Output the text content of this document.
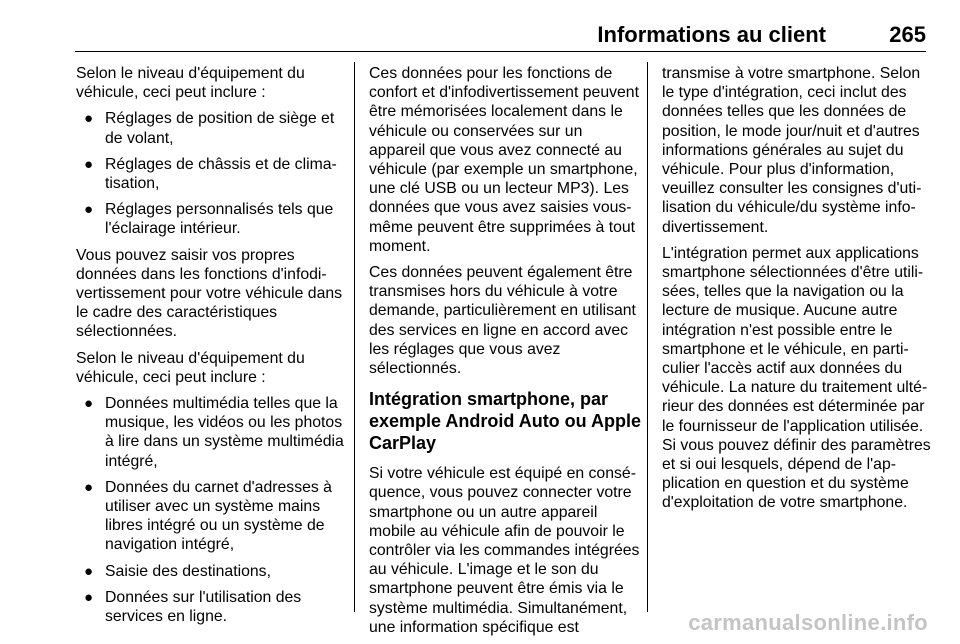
Informations au client	265

Selon le niveau d'équipement du véhicule, ceci peut inclure :

● Réglages de position de siège et de volant,
● Réglages de châssis et de climatisation,
● Réglages personnalisés tels que l'éclairage intérieur.

Vous pouvez saisir vos propres données dans les fonctions d'infodivertissement pour votre véhicule dans le cadre des caractéristiques sélectionnées.

Selon le niveau d'équipement du véhicule, ceci peut inclure :

● Données multimédia telles que la musique, les vidéos ou les photos à lire dans un système multimédia intégré,
● Données du carnet d'adresses à utiliser avec un système mains libres intégré ou un système de navigation intégré,
● Saisie des destinations,
● Données sur l'utilisation des services en ligne.

Ces données pour les fonctions de confort et d'infodivertissement peuvent être mémorisées localement dans le véhicule ou conservées sur un appareil que vous avez connecté au véhicule (par exemple un smartphone, une clé USB ou un lecteur MP3). Les données que vous avez saisies vous-même peuvent être supprimées à tout moment.

Ces données peuvent également être transmises hors du véhicule à votre demande, particulièrement en utilisant des services en ligne en accord avec les réglages que vous avez sélectionnés.

Intégration smartphone, par exemple Android Auto ou Apple CarPlay

Si votre véhicule est équipé en conséquence, vous pouvez connecter votre smartphone ou un autre appareil mobile au véhicule afin de pouvoir le contrôler via les commandes intégrées au véhicule. L'image et le son du smartphone peuvent être émis via le système multimédia. Simultanément, une information spécifique est

transmise à votre smartphone. Selon le type d'intégration, ceci inclut des données telles que les données de position, le mode jour/nuit et d'autres informations générales au sujet du véhicule. Pour plus d'information, veuillez consulter les consignes d'utilisation du véhicule/du système infodivertissement.

L'intégration permet aux applications smartphone sélectionnées d'être utilisées, telles que la navigation ou la lecture de musique. Aucune autre intégration n'est possible entre le smartphone et le véhicule, en particulier l'accès actif aux données du véhicule. La nature du traitement ultérieur des données est déterminée par le fournisseur de l'application utilisée. Si vous pouvez définir des paramètres et si oui lesquels, dépend de l'application en question et du système d'exploitation de votre smartphone.

carmanualsonline.info
